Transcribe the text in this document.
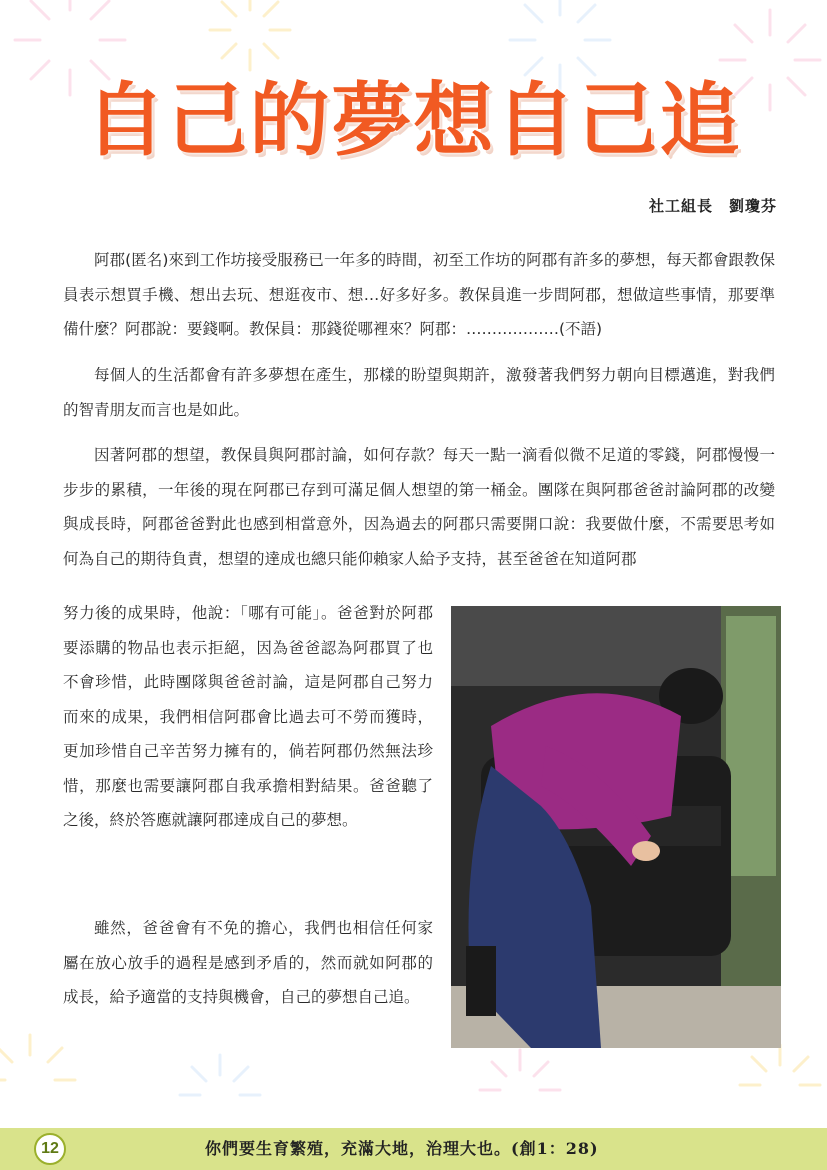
自己的夢想自己追
社工組長 劉瓊芬

阿郡(匿名)來到工作坊接受服務已一年多的時間，初至工作坊的阿郡有許多的夢想，每天都會跟教保員表示想買手機、想出去玩、想逛夜市、想…好多好多。教保員進一步問阿郡，想做這些事情，那要準備什麼？阿郡說：要錢啊。教保員：那錢從哪裡來？阿郡：………………(不語)

每個人的生活都會有許多夢想在產生，那樣的盼望與期許，激發著我們努力朝向目標邁進，對我們的智青朋友而言也是如此。

因著阿郡的想望，教保員與阿郡討論，如何存款？每天一點一滴看似微不足道的零錢，阿郡慢慢一步步的累積，一年後的現在阿郡已存到可滿足個人想望的第一桶金。團隊在與阿郡爸爸討論阿郡的改變與成長時，阿郡爸爸對此也感到相當意外，因為過去的阿郡只需要開口說：我要做什麼，不需要思考如何為自己的期待負責，想望的達成也總只能仰賴家人給予支持，甚至爸爸在知道阿郡

努力後的成果時，他說：「哪有可能」。爸爸對於阿郡要添購的物品也表示拒絕，因為爸爸認為阿郡買了也不會珍惜，此時團隊與爸爸討論，這是阿郡自己努力而來的成果，我們相信阿郡會比過去可不勞而獲時，更加珍惜自己辛苦努力擁有的，倘若阿郡仍然無法珍惜，那麼也需要讓阿郡自我承擔相對結果。爸爸聽了之後，終於答應就讓阿郡達成自己的夢想。

雖然，爸爸會有不免的擔心，我們也相信任何家屬在放心放手的過程是感到矛盾的，然而就如阿郡的成長，給予適當的支持與機會，自己的夢想自己追。

12	你們要生育繁殖，充滿大地，治理大也。(創1：28)
